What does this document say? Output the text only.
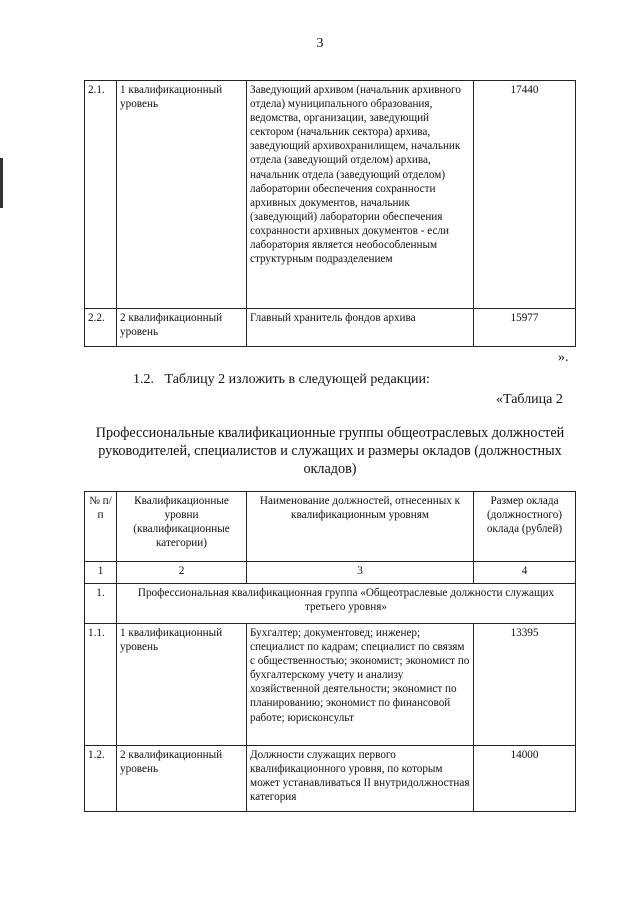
3
2.1.	1 квалификационный уровень	Заведующий архивом (начальник архивного отдела) муниципального образования, ведомства, организации, заведующий сектором (начальник сектора) архива, заведующий архивохранилищем, начальник отдела (заведующий отделом) архива, начальник отдела (заведующий отделом) лаборатории обеспечения сохранности архивных документов, начальник (заведующий) лаборатории обеспечения сохранности архивных документов - если лаборатория является необособленным структурным подразделением	17440
2.2.	2 квалификационный уровень	Главный хранитель фондов архива	15977
».
1.2.   Таблицу 2 изложить в следующей редакции:
«Таблица 2
Профессиональные квалификационные группы общеотраслевых должностей руководителей, специалистов и служащих и размеры окладов (должностных окладов)
№ п/п	Квалификационные уровни (квалификационные категории)	Наименование должностей, отнесенных к квалификационным уровням	Размер оклада (должностного) оклада (рублей)
1	2	3	4
1.	Профессиональная квалификационная группа «Общеотраслевые должности служащих третьего уровня»		
1.1.	1 квалификационный уровень	Бухгалтер; документовед; инженер; специалист по кадрам; специалист по связям с общественностью; экономист; экономист по бухгалтерскому учету и анализу хозяйственной деятельности; экономист по планированию; экономист по финансовой работе; юрисконсульт	13395
1.2.	2 квалификационный уровень	Должности служащих первого квалификационного уровня, по которым может устанавливаться II внутридолжностная категория	14000
